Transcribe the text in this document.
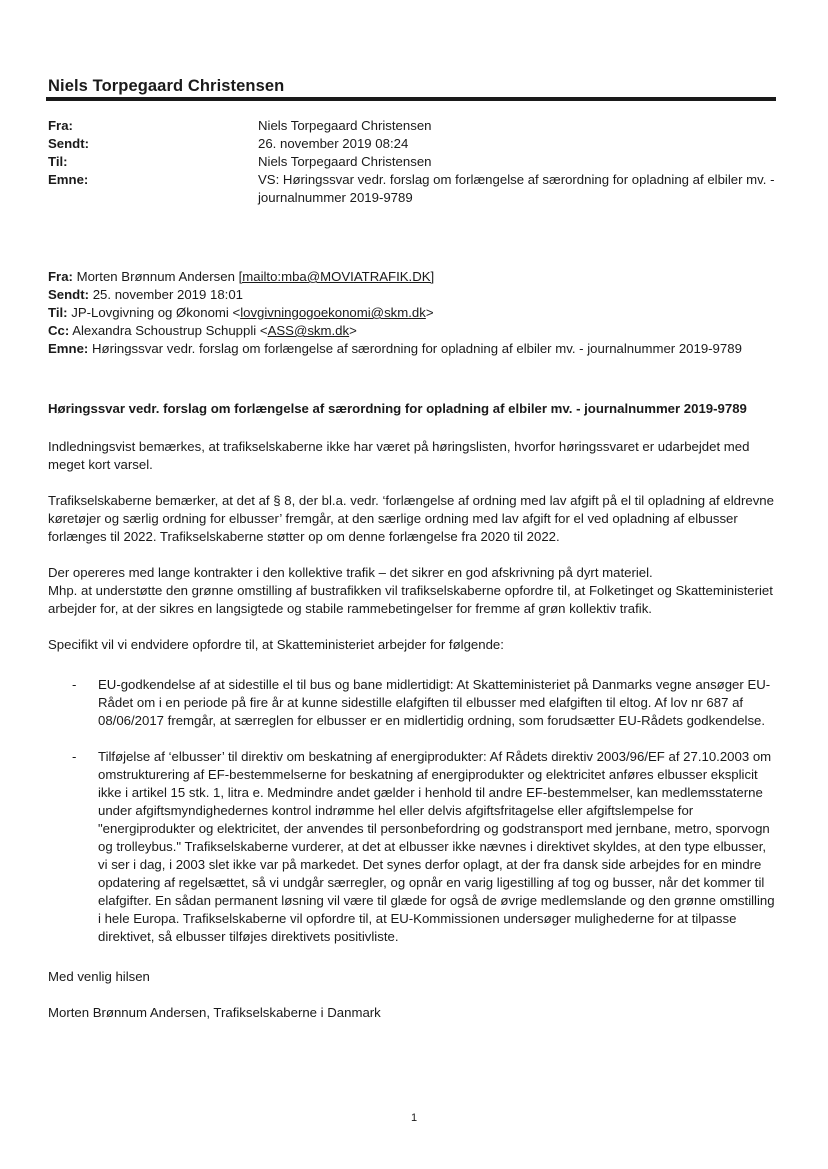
Niels Torpegaard Christensen
Fra:	Niels Torpegaard Christensen
Sendt:	26. november 2019 08:24
Til:	Niels Torpegaard Christensen
Emne:	VS: Høringssvar vedr. forslag om forlængelse af særordning for opladning af elbiler mv. - journalnummer 2019-9789
Fra: Morten Brønnum Andersen [mailto:mba@MOVIATRAFIK.DK]
Sendt: 25. november 2019 18:01
Til: JP-Lovgivning og Økonomi <lovgivningogoekonomi@skm.dk>
Cc: Alexandra Schoustrup Schuppli <ASS@skm.dk>
Emne: Høringssvar vedr. forslag om forlængelse af særordning for opladning af elbiler mv. - journalnummer 2019-9789

Høringssvar vedr. forslag om forlængelse af særordning for opladning af elbiler mv. - journalnummer 2019-9789

Indledningsvist bemærkes, at trafikselskaberne ikke har været på høringslisten, hvorfor høringssvaret er udarbejdet med meget kort varsel.

Trafikselskaberne bemærker, at det af § 8, der bl.a. vedr. ‘forlængelse af ordning med lav afgift på el til opladning af eldrevne køretøjer og særlig ordning for elbusser’ fremgår, at den særlige ordning med lav afgift for el ved opladning af elbusser forlænges til 2022. Trafikselskaberne støtter op om denne forlængelse fra 2020 til 2022.

Der opereres med lange kontrakter i den kollektive trafik – det sikrer en god afskrivning på dyrt materiel.
Mhp. at understøtte den grønne omstilling af bustrafikken vil trafikselskaberne opfordre til, at Folketinget og Skatteministeriet arbejder for, at der sikres en langsigtede og stabile rammebetingelser for fremme af grøn kollektiv trafik.

Specifikt vil vi endvidere opfordre til, at Skatteministeriet arbejder for følgende:

- EU-godkendelse af at sidestille el til bus og bane midlertidigt: At Skatteministeriet på Danmarks vegne ansøger EU-Rådet om i en periode på fire år at kunne sidestille elafgiften til elbusser med elafgiften til eltog. Af lov nr 687 af 08/06/2017 fremgår, at særreglen for elbusser er en midlertidig ordning, som forudsætter EU-Rådets godkendelse.
- Tilføjelse af ‘elbusser’ til direktiv om beskatning af energiprodukter: Af Rådets direktiv 2003/96/EF af 27.10.2003 om omstrukturering af EF-bestemmelserne for beskatning af energiprodukter og elektricitet anføres elbusser eksplicit ikke i artikel 15 stk. 1, litra e. Medmindre andet gælder i henhold til andre EF-bestemmelser, kan medlemsstaterne under afgiftsmyndighedernes kontrol indrømme hel eller delvis afgiftsfritagelse eller afgiftslempelse for "energiprodukter og elektricitet, der anvendes til personbefordring og godstransport med jernbane, metro, sporvogn og trolleybus." Trafikselskaberne vurderer, at det at elbusser ikke nævnes i direktivet skyldes, at den type elbusser, vi ser i dag, i 2003 slet ikke var på markedet. Det synes derfor oplagt, at der fra dansk side arbejdes for en mindre opdatering af regelsættet, så vi undgår særregler, og opnår en varig ligestilling af tog og busser, når det kommer til elafgifter. En sådan permanent løsning vil være til glæde for også de øvrige medlemslande og den grønne omstilling i hele Europa. Trafikselskaberne vil opfordre til, at EU-Kommissionen undersøger mulighederne for at tilpasse direktivet, så elbusser tilføjes direktivets positivliste.

Med venlig hilsen

Morten Brønnum Andersen, Trafikselskaberne i Danmark

1
